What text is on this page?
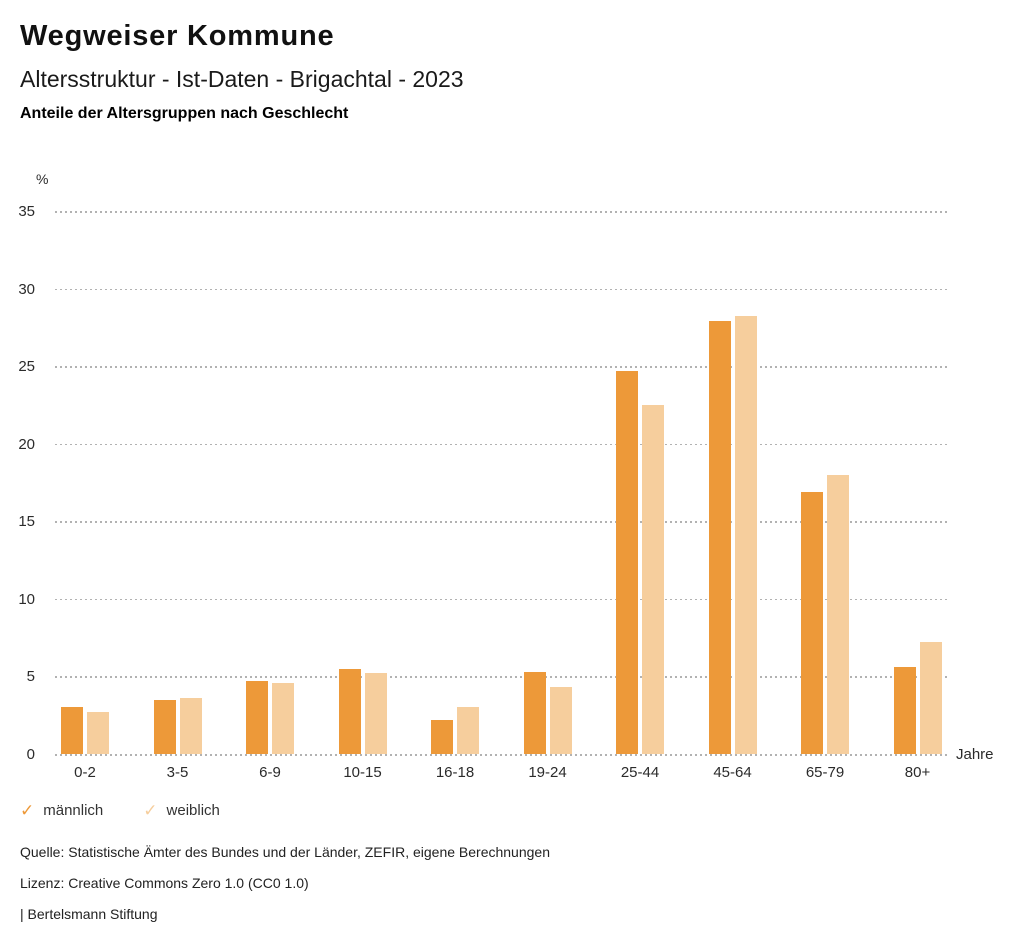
Wegweiser Kommune
Altersstruktur - Ist-Daten - Brigachtal - 2023
Anteile der Altersgruppen nach Geschlecht
%
Jahre
0
5
10
15
20
25
30
35
0-2	3-5	6-9	10-15	16-18	19-24	25-44	45-64	65-79	80+
✓ männlich ✓ weiblich
Quelle: Statistische Ämter des Bundes und der Länder, ZEFIR, eigene Berechnungen
Lizenz: Creative Commons Zero 1.0 (CC0 1.0)
| Bertelsmann Stiftung
